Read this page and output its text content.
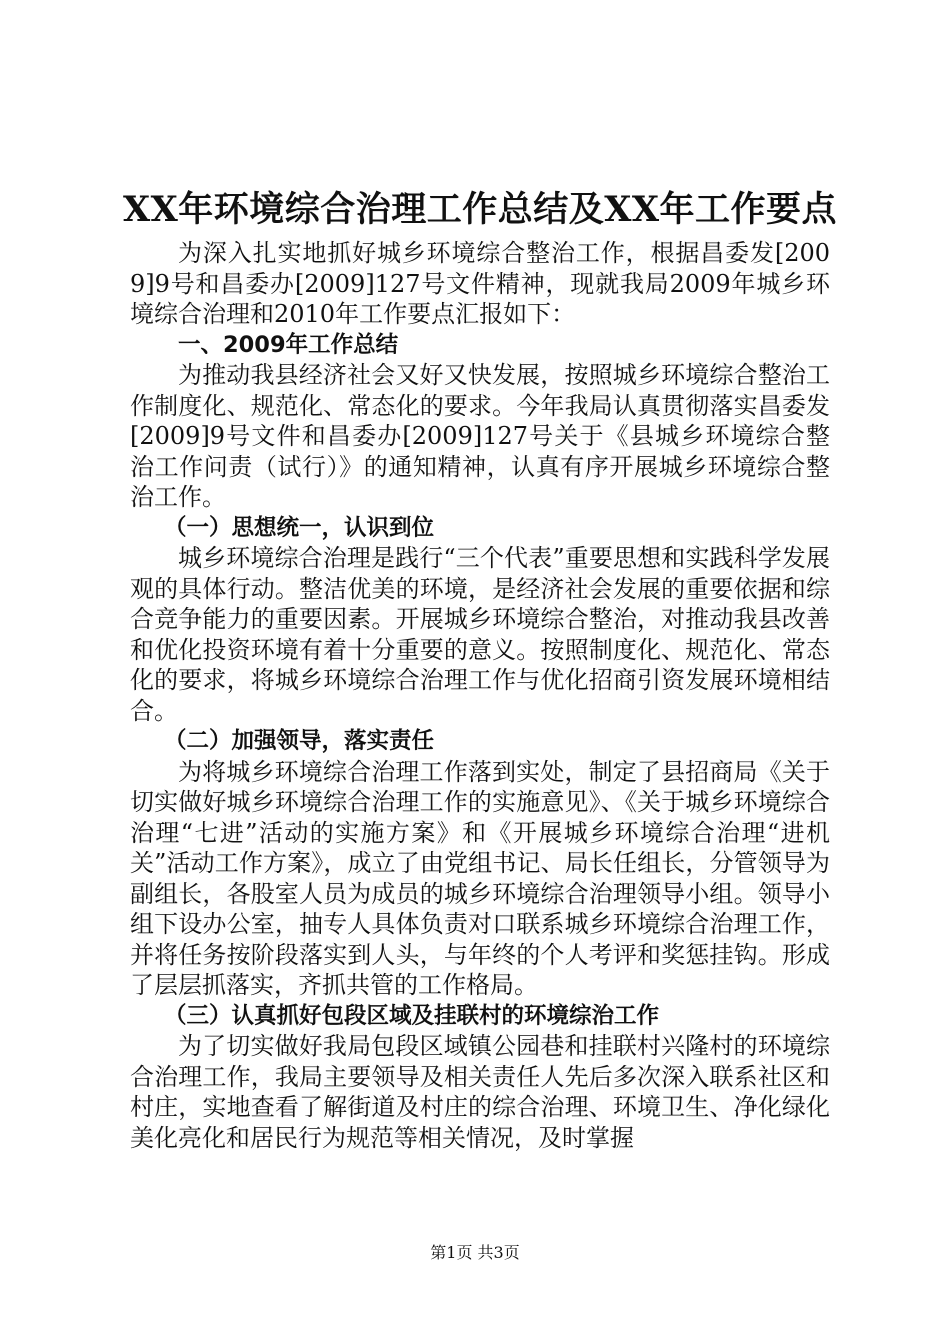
XX年环境综合治理工作总结及XX年工作要点

为深入扎实地抓好城乡环境综合整治工作，根据昌委发[2009]9号和昌委办[2009]127号文件精神，现就我局2009年城乡环境综合治理和2010年工作要点汇报如下：

一、2009年工作总结

为推动我县经济社会又好又快发展，按照城乡环境综合整治工作制度化、规范化、常态化的要求。今年我局认真贯彻落实昌委发[2009]9号文件和昌委办[2009]127号关于《县城乡环境综合整治工作问责（试行）》的通知精神，认真有序开展城乡环境综合整治工作。

（一）思想统一，认识到位

城乡环境综合治理是践行“三个代表”重要思想和实践科学发展观的具体行动。整洁优美的环境，是经济社会发展的重要依据和综合竞争能力的重要因素。开展城乡环境综合整治，对推动我县改善和优化投资环境有着十分重要的意义。按照制度化、规范化、常态化的要求，将城乡环境综合治理工作与优化招商引资发展环境相结合。

（二）加强领导，落实责任

为将城乡环境综合治理工作落到实处，制定了县招商局《关于切实做好城乡环境综合治理工作的实施意见》、《关于城乡环境综合治理“七进”活动的实施方案》和《开展城乡环境综合治理“进机关”活动工作方案》，成立了由党组书记、局长任组长，分管领导为副组长，各股室人员为成员的城乡环境综合治理领导小组。领导小组下设办公室，抽专人具体负责对口联系城乡环境综合治理工作，并将任务按阶段落实到人头，与年终的个人考评和奖惩挂钩。形成了层层抓落实，齐抓共管的工作格局。

（三）认真抓好包段区域及挂联村的环境综治工作

为了切实做好我局包段区域镇公园巷和挂联村兴隆村的环境综合治理工作，我局主要领导及相关责任人先后多次深入联系社区和村庄，实地查看了解街道及村庄的综合治理、环境卫生、净化绿化美化亮化和居民行为规范等相关情况，及时掌握

第1页 共3页
